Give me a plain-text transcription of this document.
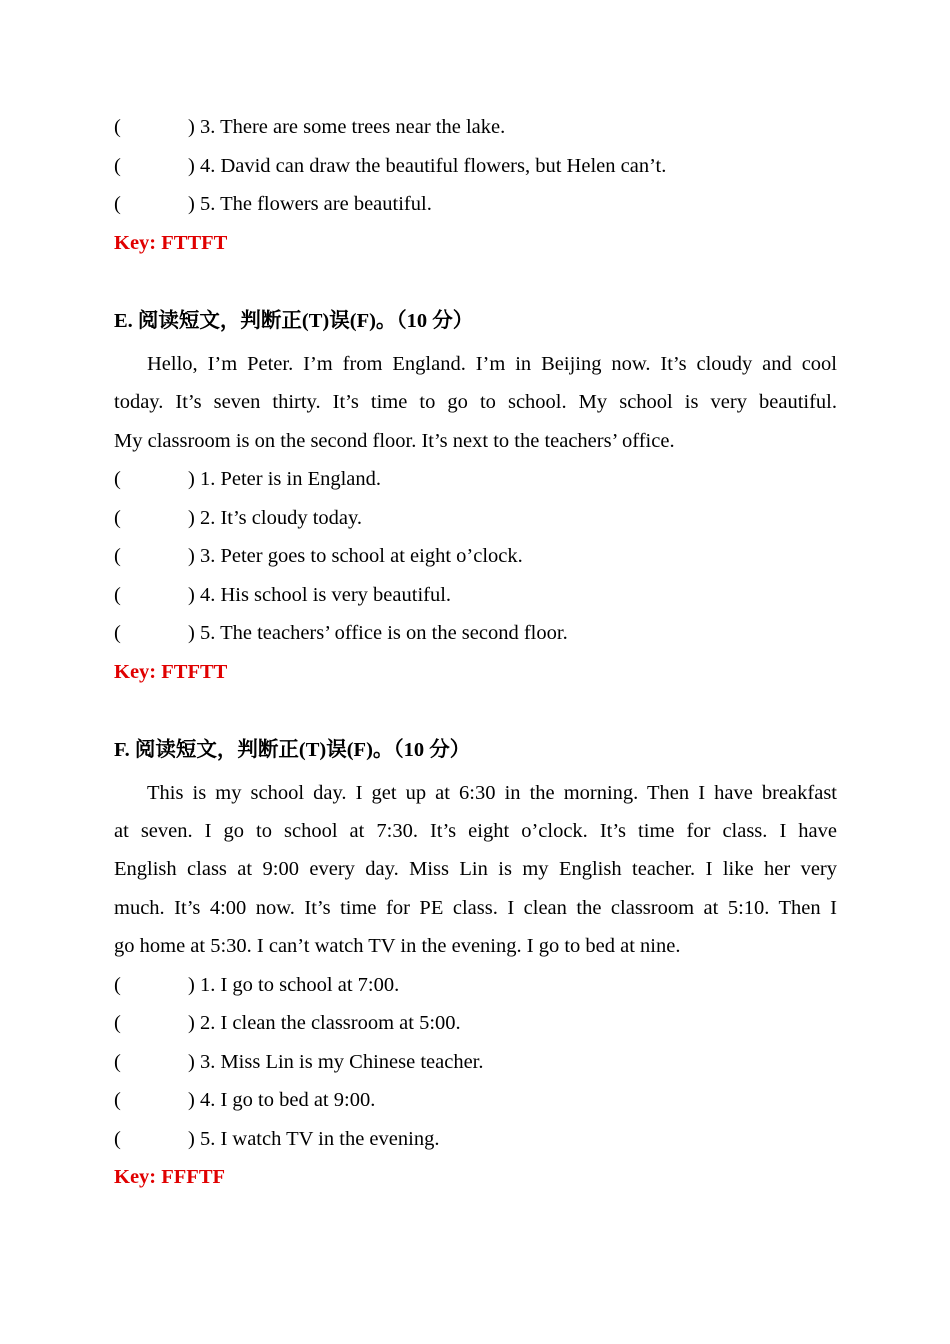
(	) 3. There are some trees near the lake.
(	) 4. David can draw the beautiful flowers, but Helen can’t.
(	) 5. The flowers are beautiful.
Key: FTTFT
E. 阅读短文，判断正(T)误(F)。（10 分）
Hello, I’m Peter. I’m from England. I’m in Beijing now. It’s cloudy and cool
today. It’s seven thirty. It’s time to go to school. My school is very beautiful.
My classroom is on the second floor. It’s next to the teachers’ office.
(	) 1. Peter is in England.
(	) 2. It’s cloudy today.
(	) 3. Peter goes to school at eight o’clock.
(	) 4. His school is very beautiful.
(	) 5. The teachers’ office is on the second floor.
Key: FTFTT
F. 阅读短文，判断正(T)误(F)。（10 分）
This is my school day. I get up at 6:30 in the morning. Then I have breakfast
at seven. I go to school at 7:30. It’s eight o’clock. It’s time for class. I have
English class at 9:00 every day. Miss Lin is my English teacher. I like her very
much. It’s 4:00 now. It’s time for PE class. I clean the classroom at 5:10. Then I
go home at 5:30. I can’t watch TV in the evening. I go to bed at nine.
(	) 1. I go to school at 7:00.
(	) 2. I clean the classroom at 5:00.
(	) 3. Miss Lin is my Chinese teacher.
(	) 4. I go to bed at 9:00.
(	) 5. I watch TV in the evening.
Key: FFFTF
